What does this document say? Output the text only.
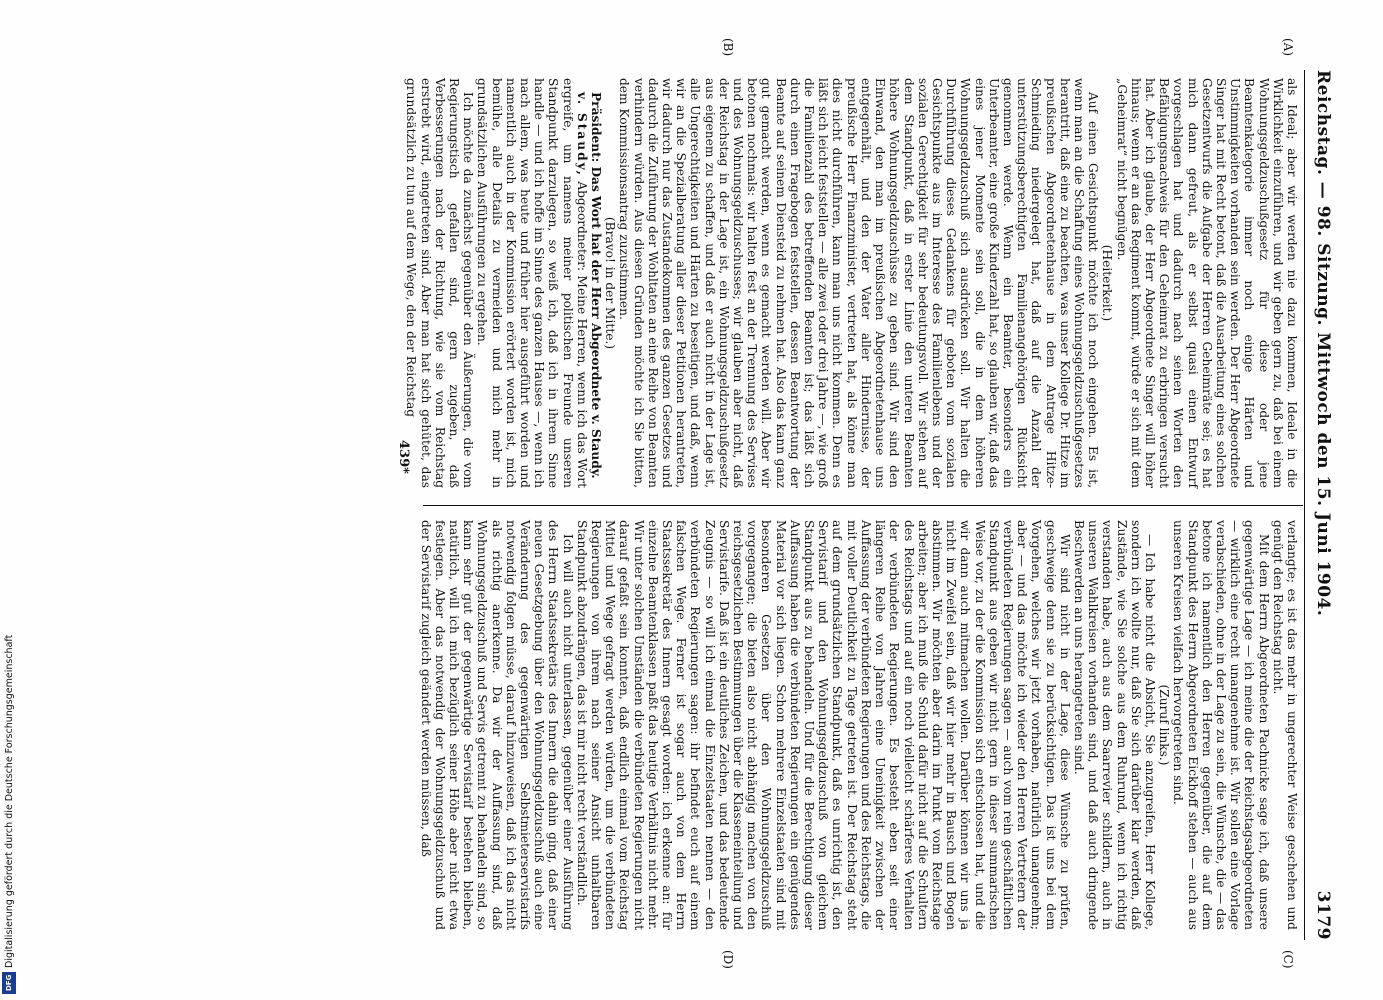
Reichstag. — 98. Sitzung. Mittwoch den 15. Juni 1904.
3179
(A)
(B)
(C)
(D)

als Ideal; aber wir werden nie dazu kommen, Ideale in die Wirklichkeit einzuführen, und wir geben gern zu, daß bei einem Wohnungsgeldzuschußgesetz für diese oder jene Beamtenkategorie immer noch einige Härten und Unstimmigkeiten vorhanden sein werden. Der Herr Abgeordnete Singer hat mit Recht betont, daß die Ausarbeitung eines solchen Gesetzentwurfs die Aufgabe der Herren Geheimräte sei; es hat mich dann gefreut, als er selbst quasi einen Entwurf vorgeschlagen hat und dadurch nach seinen Worten den Befähigungsnachweis für den Geheimrat zu erbringen versucht hat. Aber ich glaube, der Herr Abgeordnete Singer will höher hinaus; wenn er an das Regiment kommt, würde er sich mit dem „Geheimrat“ nicht begnügen.

(Heiterkeit.)

Auf einen Gesichtspunkt möchte ich noch eingehen. Es ist, wenn man an die Schaffung eines Wohnungsgeldzuschußgesetzes herantritt, daß eine zu beachten, was unser Kollege Dr. Hitze im preußischen Abgeordnetenhause in dem Antrage Hitze-Schmieding niedergelegt hat, daß auf die Anzahl der unterstützungsberechtigten Familienangehörigen Rücksicht genommen werde. Wenn ein Beamter, besonders ein Unterbeamter, eine große Kinderzahl hat, so glauben wir, daß das eines jener Momente sein soll, die in dem höheren Wohnungsgeldzuschuß sich ausdrücken soll. Wir halten die Durchführung dieses Gedankens für geboten vom sozialen Gesichtspunkte aus im Interesse des Familienlebens und der sozialen Gerechtigkeit für sehr bedeutungsvoll. Wir stehen auf dem Standpunkt, daß in erster Linie den unteren Beamten höhere Wohnungsgeldzuschüsse zu geben sind. Wir sind den Einwand, den man im preußischen Abgeordnetenhause uns entgegenhält, und den der Vater aller Hindernisse, der preußische Herr Finanzminister, vertreten hat, als könne man dies nicht durchführen, kann man uns nicht kommen. Denn es läßt sich leicht feststellen — alle zwei oder drei Jahre —, wie groß die Familienzahl des betreffenden Beamten ist; das läßt sich durch einen Fragebogen feststellen, dessen Beantwortung der Beamte auf seinem Diensteid zu nehmen hat. Also das kann ganz gut gemacht werden, wenn es gemacht werden will. Aber wir betonen nochmals: wir halten fest an der Trennung des Servises und des Wohnungsgeldzuschusses; wir glauben aber nicht, daß der Reichstag in der Lage ist, ein Wohnungsgeldzuschußgesetz aus eigenem zu schaffen, und daß er auch nicht in der Lage ist, alle Ungerechtigkeiten und Härten zu beseitigen, und daß, wenn wir an die Spezialberatung aller dieser Petitionen herantreten, wir dadurch nur das Zustandekommen des ganzen Gesetzes und dadurch die Zuführung der Wohltaten an eine Reihe von Beamten verhindern würden. Aus diesen Gründen möchte ich Sie bitten, dem Kommissionsantrag zuzustimmen.

(Bravo! in der Mitte.)

Präsident: Das Wort hat der Herr Abgeordnete v. Staudy.

v. Staudy, Abgeordneter: Meine Herren, wenn ich das Wort ergreife, um namens meiner politischen Freunde unseren Standpunkt darzulegen, so weiß ich, daß ich in ihrem Sinne handle — und ich hoffe im Sinne des ganzen Hauses —, wenn ich nach allem, was heute und früher hier ausgeführt worden und namentlich auch in der Kommission erörtert worden ist, mich bemühe, alle Details zu vermeiden und mich mehr in grundsätzlichen Ausführungen zu ergehen.

Ich möchte da zunächst gegenüber den Äußerungen, die vom Regierungstisch gefallen sind, gern zugeben, daß Verbesserungen nach der Richtung, wie sie vom Reichstag erstrebt wird, eingetreten sind. Aber man hat sich gehütet, das grundsätzlich zu tun auf dem Wege, den der Reichstag

verlangte; es ist das mehr in ungerechter Weise geschehen und genügt den Reichstag nicht.

Mit dem Herrn Abgeordneten Pachnicke sage ich, daß unsere gegenwärtige Lage — ich meine die der Reichstagsabgeordneten — wirklich eine recht unangenehme ist. Wir sollen eine Vorlage verabschieden, ohne in der Lage zu sein, die Wünsche, die — das betone ich namentlich den Herren gegenüber, die auf dem Standpunkt des Herrn Abgeordneten Eickhoff stehen — auch aus unseren Kreisen vielfach hervorgetreten sind.

(Zuruf links.)

— Ich habe nicht die Absicht, Sie anzugreifen, Herr Kollege, sondern ich wollte nur, daß Sie sich darüber klar werden, daß Zustände, wie Sie solche aus dem Ruhrund, wenn ich richtig verstanden habe, auch aus dem Saarrevier schildern, auch in unseren Wahlkreisen vorhanden sind, und daß auch dringende Beschwerden an uns herangetreten sind.

Wir sind nicht in der Lage, diese Wünsche zu prüfen, geschweige denn sie zu berücksichtigen. Das ist uns bei dem Vorgehen, welches wir jetzt vorhaben, natürlich unangenehm; aber — und das möchte ich wieder den Herren Vertretern der verbündeten Regierungen sagen — auch vom rein geschäftlichen Standpunkt aus geben wir nicht gern in dieser summarischen Weise vor, zu der die Kommission sich entschlossen hat, und die wir dann auch mitmachen wollen. Darüber können wir uns ja nicht im Zweifel sein, daß wir hier mehr in Bausch und Bogen abstimmen. Wir möchten aber darin im Punkt vom Reichstage arbeiten; aber ich muß die Schuld dafür nicht auf die Schultern des Reichstags und auf ein noch vielleicht schärferes Verhalten der verbündeten Regierungen. Es besteht eben seit einer längeren Reihe von Jahren eine Uneinigkeit zwischen der Auffassung der verbündeten Regierungen und des Reichstags, die mit voller Deutlichkeit zu Tage getreten ist. Der Reichstag steht auf dem grundsätzlichen Standpunkt, daß es unrichtig ist, den Servistarif und den Wohnungsgeldzuschuß von gleichem Standpunkt aus zu behandeln. Und für die Berechtigung dieser Auffassung haben die verbündeten Regierungen ein genügendes Material vor sich liegen. Schon mehrere Einzelstaaten sind mit besonderen Gesetzen über den Wohnungsgeldzuschuß vorgegangen; die bieten also nicht abhängig machen von den reichsgesetzlichen Bestimmungen über die Klasseneinteilung und Servistarife. Daß ist ein deutliches Zeichen, und das bedeutende Zeugnis — so will ich einmal die Einzelstaaten nennen — den verbündeten Regierungen sagen: ihr befindet euch auf einem falschen Wege. Ferner ist sogar auch von dem Herrn Staatssekretär des Innern gesagt worden: ich erkenne an: für einzelne Beamtenklassen paßt das heutige Verhältnis nicht mehr. Wir unter solchen Umständen die verbündeten Regierungen nicht darauf gefaßt sein konnten, daß endlich einmal vom Reichstag Mittel und Wege gefragt werden würden, um die verbündeten Regierungen von ihrem nach seiner Ansicht unhaltbaren Standpunkt abzudrängen, das ist mir nicht recht verständlich.

Ich will auch nicht unterlassen, gegenüber einer Ausführung des Herrn Staatssekretärs des Innern die dahin ging, daß einer neuen Gesetzgebung über den Wohnungsgeldzuschuß auch eine Veränderung des gegenwärtigen Selbstmieterservistarifs notwendig folgen müsse, darauf hinzuweisen, daß ich das nicht als richtig anerkenne. Da wir der Auffassung sind, daß Wohnungsgeldzuschuß und Servis getrennt zu behandeln sind, so kann sehr gut der gegenwärtige Servistarif bestehen bleiben, natürlich, will ich mich bezüglich seiner Höhe aber nicht etwa festlegen. Aber das notwendig der Wohnungsgeldzuschuß und der Servistarif zugleich geändert werden müssen, daß

439*
Digitalisierung gefördert durch die Deutsche Forschungsgemeinschaft
DFG
